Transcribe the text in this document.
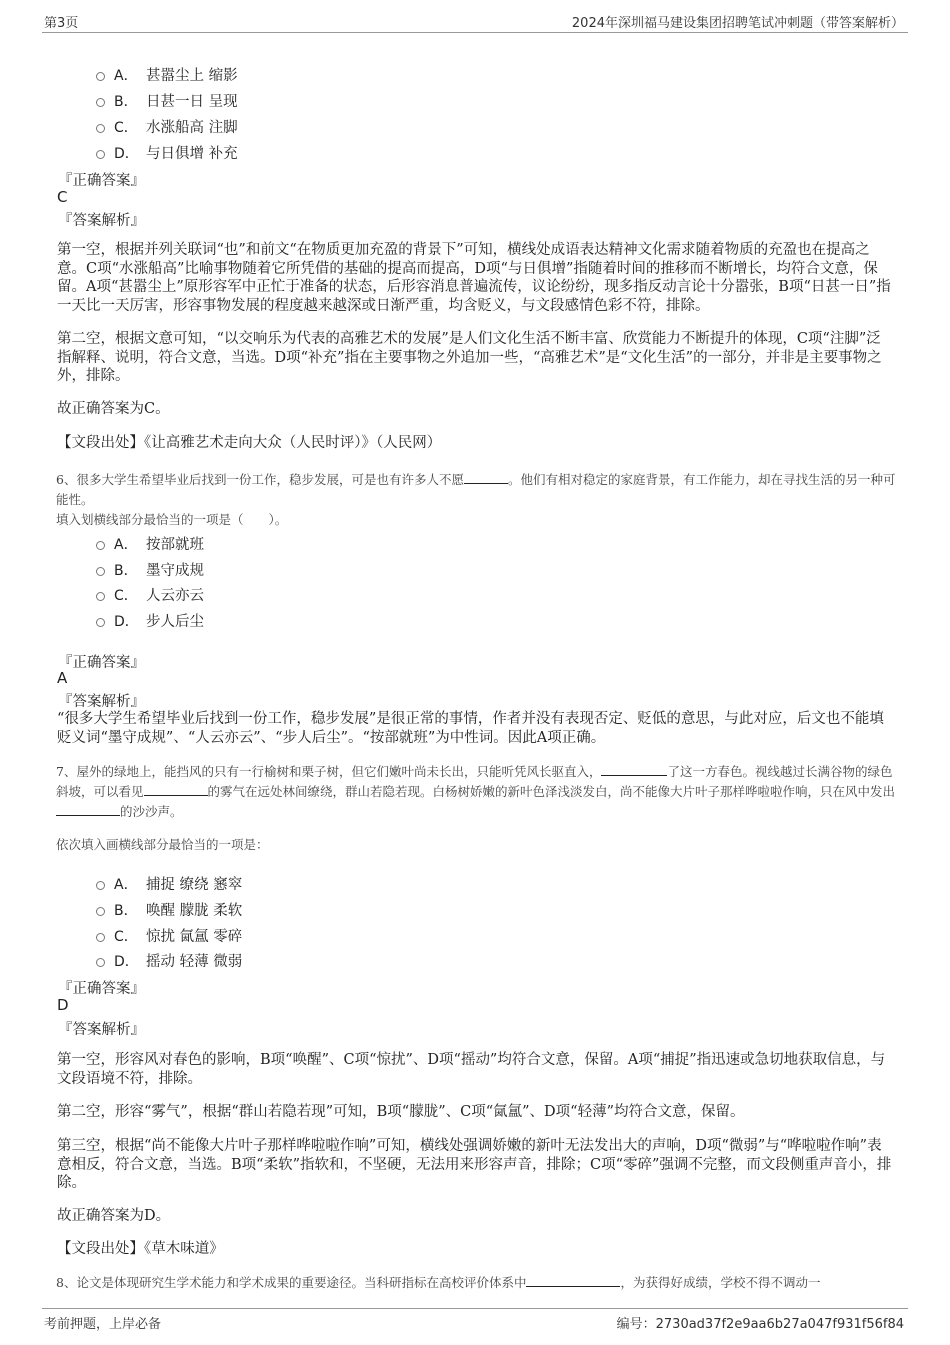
第3页	2024年深圳福马建设集团招聘笔试冲刺题（带答案解析）
A． 甚嚣尘上 缩影
B． 日甚一日 呈现
C． 水涨船高 注脚
D． 与日俱增 补充
『正确答案』
C
『答案解析』
第一空，根据并列关联词“也”和前文“在物质更加充盈的背景下”可知，横线处成语表达精神文化需求随着物质的充盈也在提高之意。C项“水涨船高”比喻事物随着它所凭借的基础的提高而提高，D项“与日俱增”指随着时间的推移而不断增长，均符合文意，保留。A项“甚嚣尘上”原形容军中正忙于准备的状态，后形容消息普遍流传，议论纷纷，现多指反动言论十分嚣张，B项“日甚一日”指一天比一天厉害，形容事物发展的程度越来越深或日渐严重，均含贬义，与文段感情色彩不符，排除。
第二空，根据文意可知，“以交响乐为代表的高雅艺术的发展”是人们文化生活不断丰富、欣赏能力不断提升的体现，C项“注脚”泛指解释、说明，符合文意，当选。D项“补充”指在主要事物之外追加一些，“高雅艺术”是“文化生活”的一部分，并非是主要事物之外，排除。
故正确答案为C。
【文段出处】《让高雅艺术走向大众（人民时评）》（人民网）
6、很多大学生希望毕业后找到一份工作，稳步发展，可是也有许多人不愿	。他们有相对稳定的家庭背景，有工作能力，却在寻找生活的另一种可能性。
填入划横线部分最恰当的一项是（　　）。
A． 按部就班
B． 墨守成规
C． 人云亦云
D． 步人后尘
『正确答案』
A
『答案解析』
“很多大学生希望毕业后找到一份工作，稳步发展”是很正常的事情，作者并没有表现否定、贬低的意思，与此对应，后文也不能填贬义词“墨守成规”、“人云亦云”、“步人后尘”。“按部就班”为中性词。因此A项正确。
7、屋外的绿地上，能挡风的只有一行榆树和栗子树，但它们嫩叶尚未长出，只能听凭风长驱直入，	了这一方春色。视线越过长满谷物的绿色斜坡，可以看见	的雾气在远处林间缭绕，群山若隐若现。白杨树娇嫩的新叶色泽浅淡发白，尚不能像大片叶子那样哗啦啦作响，只在风中发出的沙沙声。
依次填入画横线部分最恰当的一项是：
A． 捕捉 缭绕 窸窣
B． 唤醒 朦胧 柔软
C． 惊扰 氤氲 零碎
D． 摇动 轻薄 微弱
『正确答案』
D
『答案解析』
第一空，形容风对春色的影响，B项“唤醒”、C项“惊扰”、D项“摇动”均符合文意，保留。A项“捕捉”指迅速或急切地获取信息，与文段语境不符，排除。
第二空，形容“雾气”，根据“群山若隐若现”可知，B项“朦胧”、C项“氤氲”、D项“轻薄”均符合文意，保留。
第三空，根据“尚不能像大片叶子那样哗啦啦作响”可知，横线处强调娇嫩的新叶无法发出大的声响，D项“微弱”与“哗啦啦作响”表意相反，符合文意，当选。B项“柔软”指软和，不坚硬，无法用来形容声音，排除；C项“零碎”强调不完整，而文段侧重声音小，排除。
故正确答案为D。
【文段出处】《草木味道》
8、论文是体现研究生学术能力和学术成果的重要途径。当科研指标在高校评价体系中	，为获得好成绩，学校不得不调动一
考前押题，上岸必备	编号：2730ad37f2e9aa6b27a047f931f56f84
